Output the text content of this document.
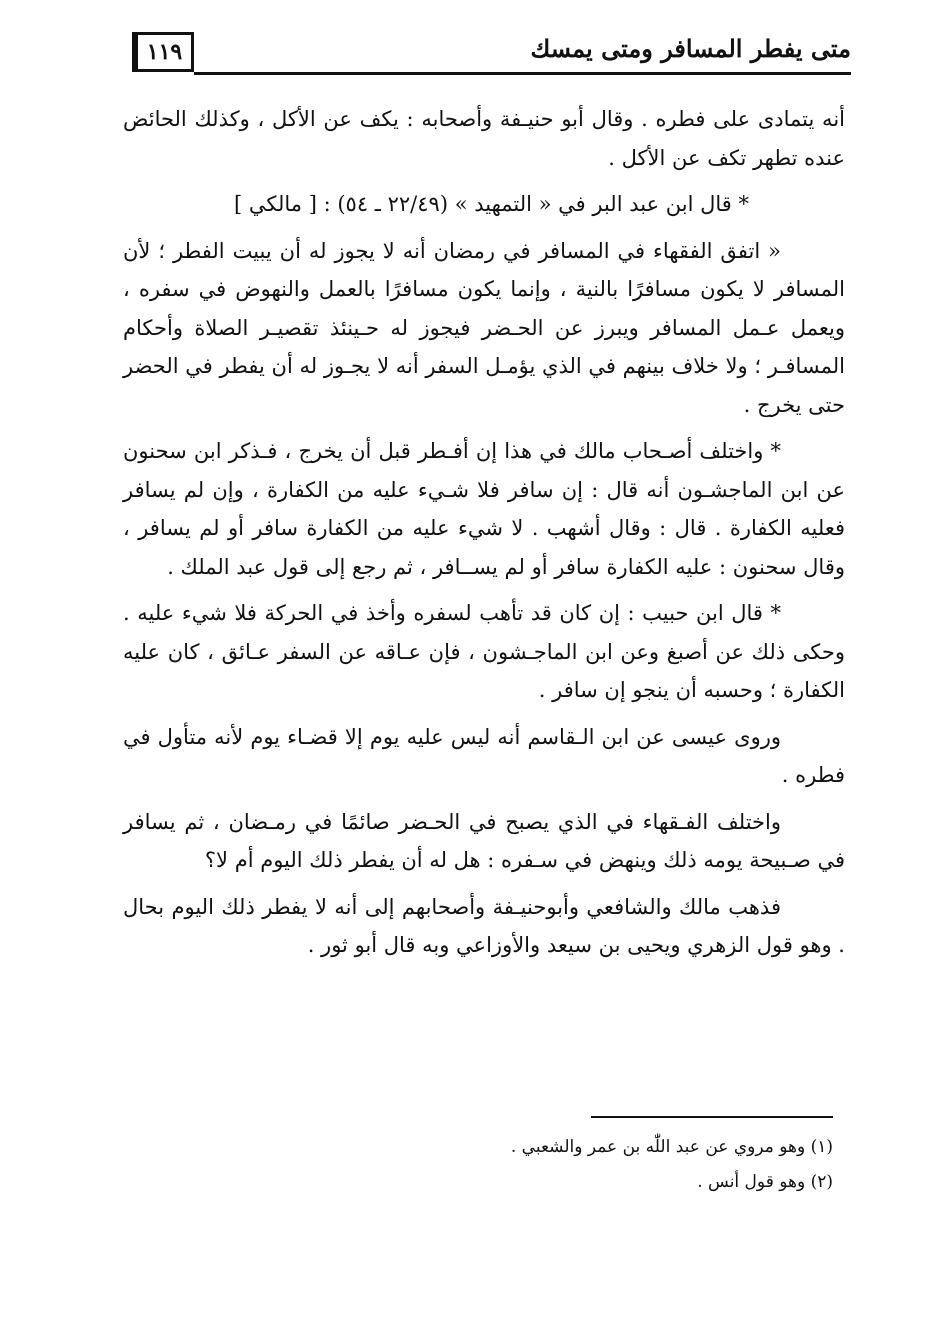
متى يفطر المسافر ومتى يمسك
١١٩

أنه يتمادى على فطره . وقال أبو حنيـفة وأصحابه : يكف عن الأكل ، وكذلك الحائض عنده تطهر تكف عن الأكل .

* قال ابن عبد البر في « التمهيد » (٢٢/٤٩ ـ ٥٤) : [ مالكي ]

« اتفق الفقهاء في المسافر في رمضان أنه لا يجوز له أن يبيت الفطر ؛ لأن المسافر لا يكون مسافرًا بالنية ، وإنما يكون مسافرًا بالعمل والنهوض في سفره ، ويعمل عـمل المسافر ويبرز عن الحـضر فيجوز له حـينئذ تقصيـر الصلاة وأحكام المسافـر ؛ ولا خلاف بينهم في الذي يؤمـل السفر أنه لا يجـوز له أن يفطر في الحضر حتى يخرج .

* واختلف أصـحاب مالك في هذا إن أفـطر قبل أن يخرج ، فـذكر ابن سحنون عن ابن الماجشـون أنه قال : إن سافر فلا شـيء عليه من الكفارة ، وإن لم يسافر فعليه الكفارة . قال : وقال أشهب . لا شيء عليه من الكفارة سافر أو لم يسافر ، وقال سحنون : عليه الكفارة سافر أو لم يســافر ، ثم رجع إلى قول عبد الملك .

* قال ابن حبيب : إن كان قد تأهب لسفره وأخذ في الحركة فلا شيء عليه . وحكى ذلك عن أصبغ وعن ابن الماجـشون ، فإن عـاقه عن السفر عـائق ، كان عليه الكفارة ؛ وحسبه أن ينجو إن سافر .

وروى عيسى عن ابن الـقاسم أنه ليس عليه يوم إلا قضـاء يوم لأنه متأول في فطره .

واختلف الفـقهاء في الذي يصبح في الحـضر صائمًا في رمـضان ، ثم يسافر في صـبيحة يومه ذلك وينهض في سـفره : هل له أن يفطر ذلك اليوم أم لا؟

فذهب مالك والشافعي وأبوحنيـفة وأصحابهم إلى أنه لا يفطر ذلك اليوم بحال . وهو قول الزهري ويحيى بن سيعد والأوزاعي وبه قال أبو ثور .

(١) وهو مروي عن عبد اللّٰه بن عمر والشعبي .

(٢) وهو قول أنس .
